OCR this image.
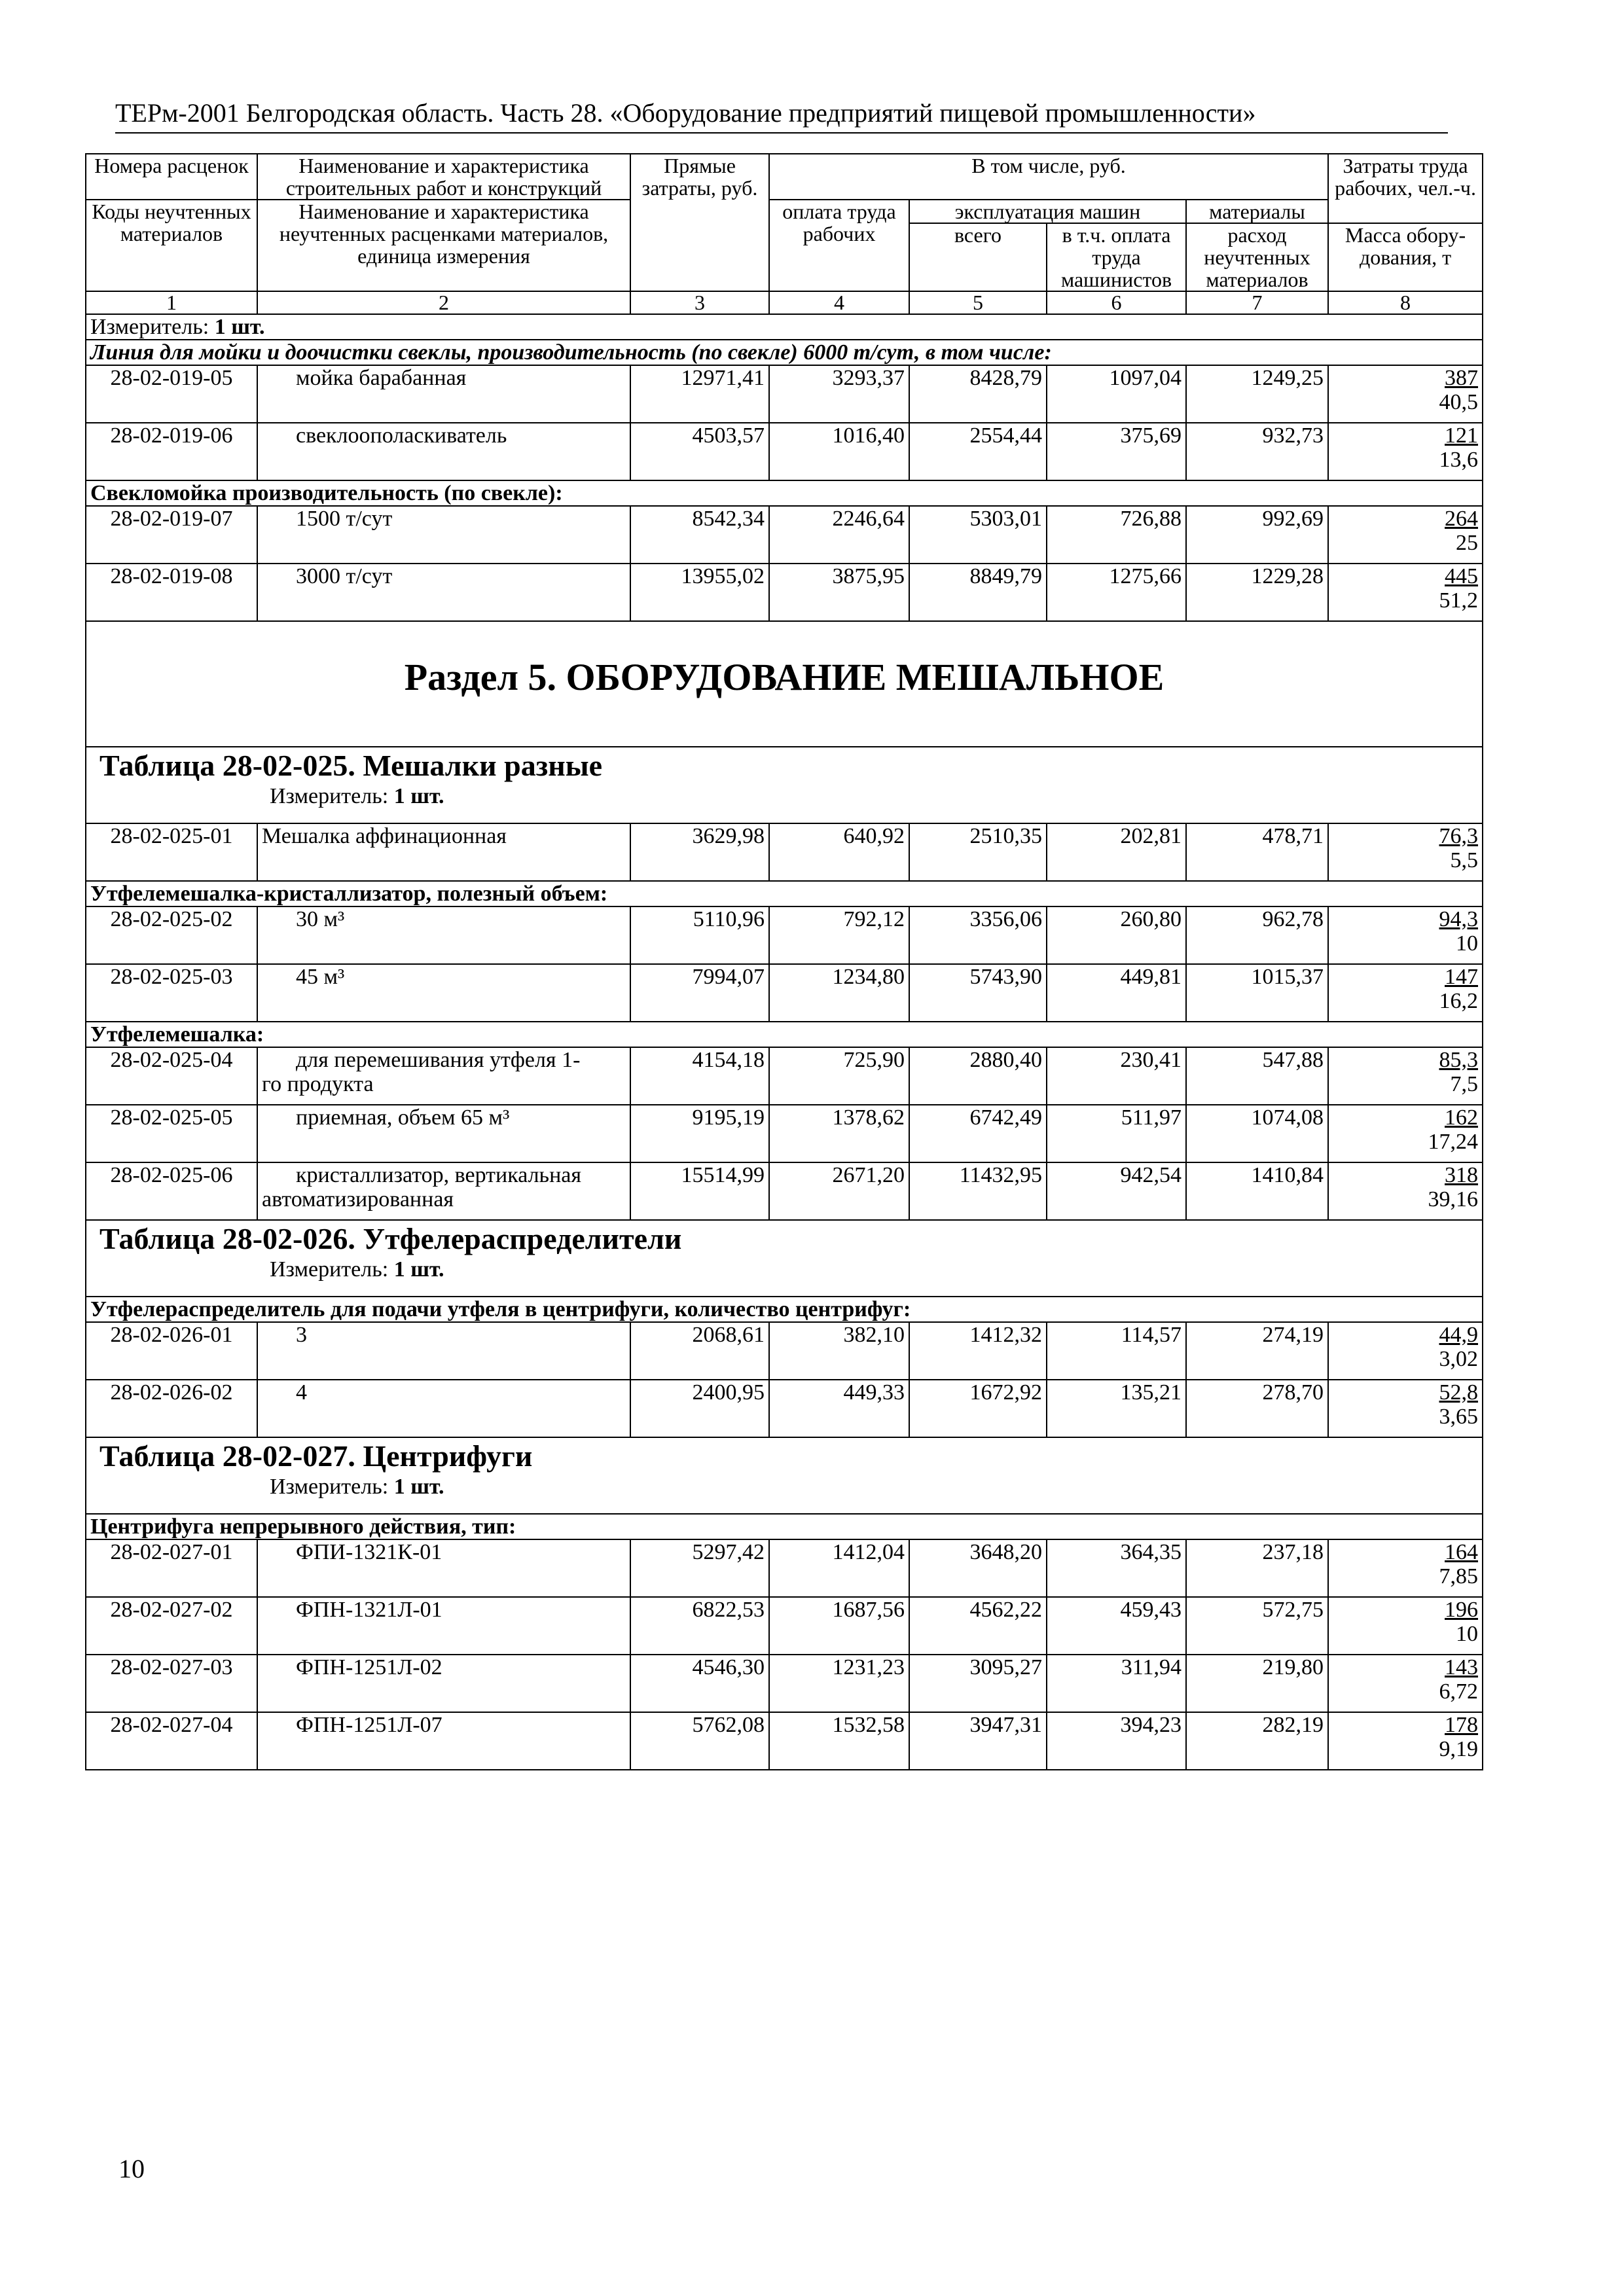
ТЕРм-2001 Белгородская область. Часть 28. «Оборудование предприятий пищевой промышленности»
Номера расценок	Наименование и характеристика строительных работ и конструкций	Прямые затраты, руб.	В том числе, руб.				Затраты труда рабочих, чел.-ч.
Коды неучтенных материалов	Наименование и характеристика неучтенных расценками материалов, единица измерения		оплата труда рабочих	эксплуатация машин		материалы	
				всего	в т.ч. оплата труда машинистов	расход неучтенных материалов	Масса обору-дования, т
1	2	3	4	5	6	7	8
Измеритель: 1 шт.							
Линия для мойки и доочистки свеклы, производительность (по свекле) 6000 т/сут, в том числе:							
28-02-019-05	мойка барабанная	12971,41	3293,37	8428,79	1097,04	1249,25	387
40,5

28-02-019-06	свеклоополаскиватель	4503,57	1016,40	2554,44	375,69	932,73	121
13,6

Свекломойка производительность (по свекле):							
28-02-019-07	1500 т/сут	8542,34	2246,64	5303,01	726,88	992,69	264
25

28-02-019-08	3000 т/сут	13955,02	3875,95	8849,79	1275,66	1229,28	445
51,2

Раздел 5. ОБОРУДОВАНИЕ МЕШАЛЬНОЕ							

Таблица 28-02-025. Мешалки разные
Измеритель: 1 шт.							

28-02-025-01	Мешалка аффинационная	3629,98	640,92	2510,35	202,81	478,71	76,3
5,5

Утфелемешалка-кристаллизатор, полезный объем:							
28-02-025-02	30 м³	5110,96	792,12	3356,06	260,80	962,78	94,3
10

28-02-025-03	45 м³	7994,07	1234,80	5743,90	449,81	1015,37	147
16,2

Утфелемешалка:							
28-02-025-04	для перемешивания утфеля 1-
го продукта	4154,18	725,90	2880,40	230,41	547,88	85,3
7,5

28-02-025-05	приемная, объем 65 м³	9195,19	1378,62	6742,49	511,97	1074,08	162
17,24

28-02-025-06	кристаллизатор, вертикальная
автоматизированная	15514,99	2671,20	11432,95	942,54	1410,84	318
39,16

Таблица 28-02-026. Утфелераспределители
Измеритель: 1 шт.							

Утфелераспределитель для подачи утфеля в центрифуги, количество центрифуг:							
28-02-026-01	3	2068,61	382,10	1412,32	114,57	274,19	44,9
3,02

28-02-026-02	4	2400,95	449,33	1672,92	135,21	278,70	52,8
3,65

Таблица 28-02-027. Центрифуги
Измеритель: 1 шт.							

Центрифуга непрерывного действия, тип:							
28-02-027-01	ФПИ-1321К-01	5297,42	1412,04	3648,20	364,35	237,18	164
7,85

28-02-027-02	ФПН-1321Л-01	6822,53	1687,56	4562,22	459,43	572,75	196
10

28-02-027-03	ФПН-1251Л-02	4546,30	1231,23	3095,27	311,94	219,80	143
6,72

28-02-027-04	ФПН-1251Л-07	5762,08	1532,58	3947,31	394,23	282,19	178
9,19
10
